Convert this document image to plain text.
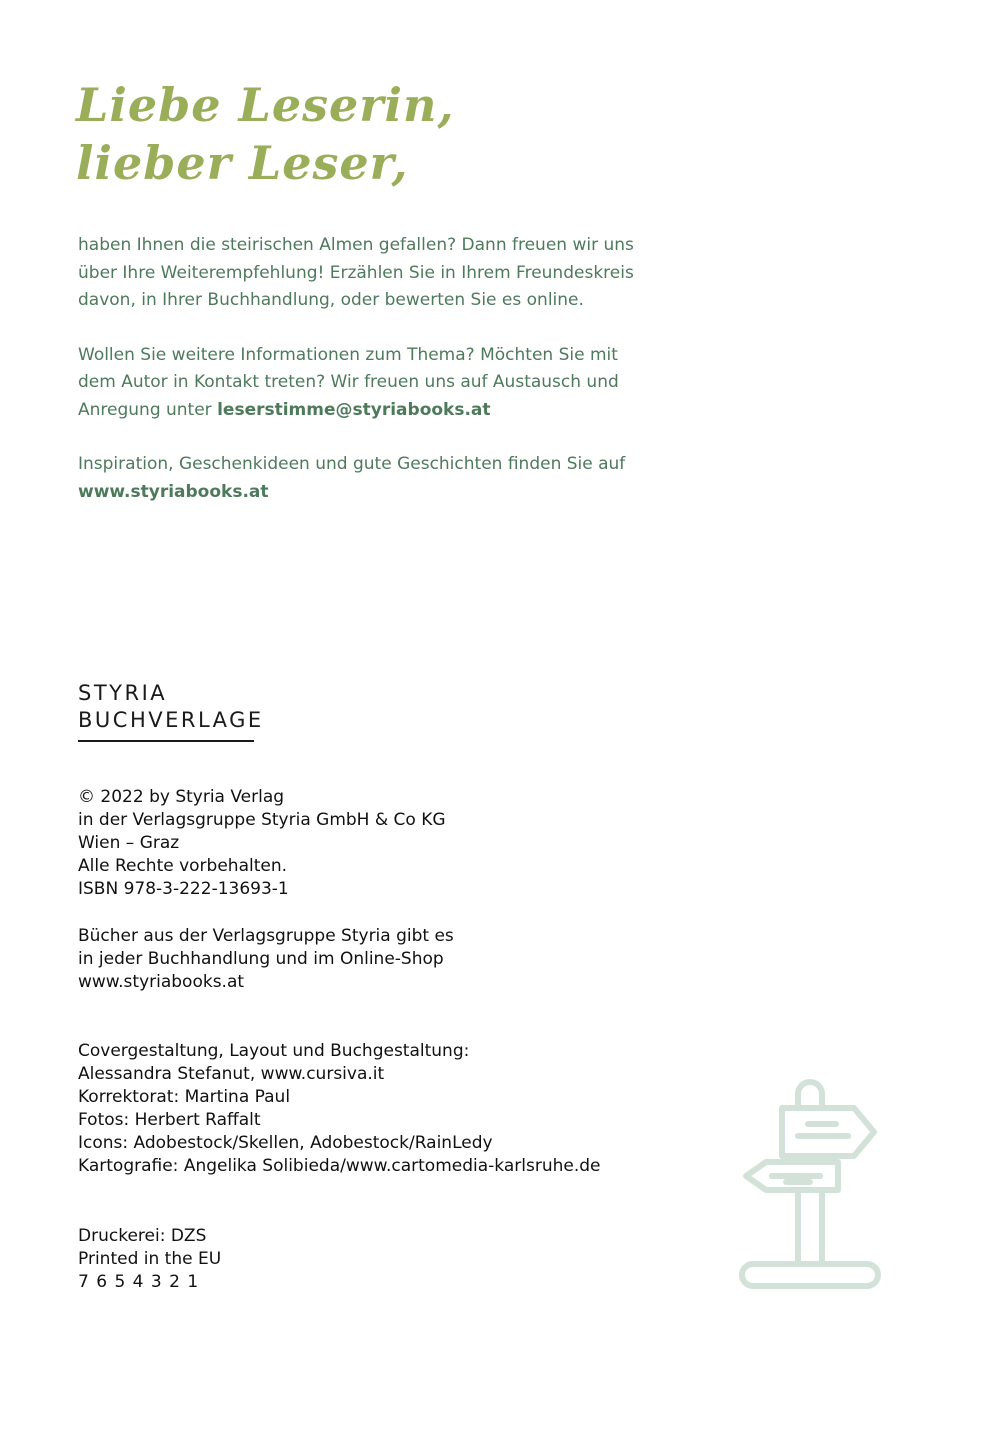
Liebe Leserin,
lieber Leser,

haben Ihnen die steirischen Almen gefallen? Dann freuen wir uns
über Ihre Weiterempfehlung! Erzählen Sie in Ihrem Freundeskreis
davon, in Ihrer Buchhandlung, oder bewerten Sie es online.

Wollen Sie weitere Informationen zum Thema? Möchten Sie mit
dem Autor in Kontakt treten? Wir freuen uns auf Austausch und
Anregung unter leserstimme@styriabooks.at

Inspiration, Geschenkideen und gute Geschichten finden Sie auf
www.styriabooks.at

STYRIA
BUCHVERLAGE
© 2022 by Styria Verlag
in der Verlagsgruppe Styria GmbH & Co KG
Wien – Graz
Alle Rechte vorbehalten.
ISBN 978-3-222-13693-1
Bücher aus der Verlagsgruppe Styria gibt es
in jeder Buchhandlung und im Online-Shop
www.styriabooks.at
Covergestaltung, Layout und Buchgestaltung:
Alessandra Stefanut, www.cursiva.it
Korrektorat: Martina Paul
Fotos: Herbert Raffalt
Icons: Adobestock/Skellen, Adobestock/RainLedy
Kartografie: Angelika Solibieda/www.cartomedia-karlsruhe.de
Druckerei: DZS
Printed in the EU
7 6 5 4 3 2 1
